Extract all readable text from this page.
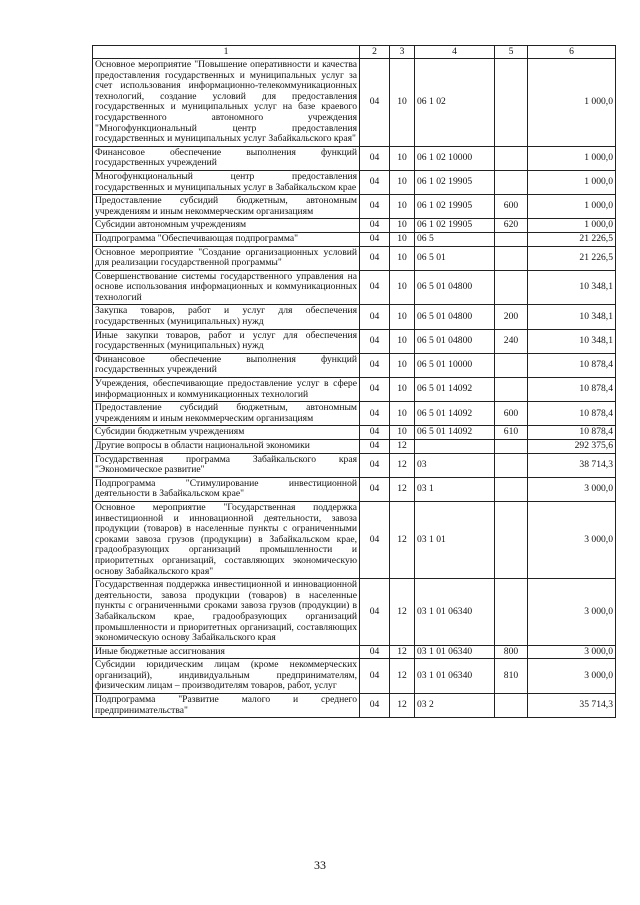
1	2	3	4	5	6
Основное мероприятие "Повышение оперативности и качества предоставления государственных и муниципальных услуг за счет использования информационно-телекоммуникационных технологий, создание условий для предоставления государственных и муниципальных услуг на базе краевого государственного автономного учреждения "Многофункциональный центр предоставления государственных и муниципальных услуг Забайкальского края"	04	10	06 1 02		1 000,0
Финансовое обеспечение выполнения функций государственных учреждений	04	10	06 1 02 10000		1 000,0
Многофункциональный центр предоставления государственных и муниципальных услуг в Забайкальском крае	04	10	06 1 02 19905		1 000,0
Предоставление субсидий бюджетным, автономным учреждениям и иным некоммерческим организациям	04	10	06 1 02 19905	600	1 000,0
Субсидии автономным учреждениям	04	10	06 1 02 19905	620	1 000,0
Подпрограмма "Обеспечивающая подпрограмма"	04	10	06 5		21 226,5
Основное мероприятие "Создание организационных условий для реализации государственной программы"	04	10	06 5 01		21 226,5
Совершенствование системы государственного управления на основе использования информационных и коммуникационных технологий	04	10	06 5 01 04800		10 348,1
Закупка товаров, работ и услуг для обеспечения государственных (муниципальных) нужд	04	10	06 5 01 04800	200	10 348,1
Иные закупки товаров, работ и услуг для обеспечения государственных (муниципальных) нужд	04	10	06 5 01 04800	240	10 348,1
Финансовое обеспечение выполнения функций государственных учреждений	04	10	06 5 01 10000		10 878,4
Учреждения, обеспечивающие предоставление услуг в сфере информационных и коммуникационных технологий	04	10	06 5 01 14092		10 878,4
Предоставление субсидий бюджетным, автономным учреждениям и иным некоммерческим организациям	04	10	06 5 01 14092	600	10 878,4
Субсидии бюджетным учреждениям	04	10	06 5 01 14092	610	10 878,4
Другие вопросы в области национальной экономики	04	12			292 375,6
Государственная программа Забайкальского края "Экономическое развитие"	04	12	03		38 714,3
Подпрограмма "Стимулирование инвестиционной деятельности в Забайкальском крае"	04	12	03 1		3 000,0
Основное мероприятие "Государственная поддержка инвестиционной и инновационной деятельности, завоза продукции (товаров) в населенные пункты с ограниченными сроками завоза грузов (продукции) в Забайкальском крае, градообразующих организаций промышленности и приоритетных организаций, составляющих экономическую основу Забайкальского края"	04	12	03 1 01		3 000,0
Государственная поддержка инвестиционной и инновационной деятельности, завоза продукции (товаров) в населенные пункты с ограниченными сроками завоза грузов (продукции) в Забайкальском крае, градообразующих организаций промышленности и приоритетных организаций, составляющих экономическую основу Забайкальского края	04	12	03 1 01 06340		3 000,0
Иные бюджетные ассигнования	04	12	03 1 01 06340	800	3 000,0
Субсидии юридическим лицам (кроме некоммерческих организаций), индивидуальным предпринимателям, физическим лицам – производителям товаров, работ, услуг	04	12	03 1 01 06340	810	3 000,0
Подпрограмма "Развитие малого и среднего предпринимательства"	04	12	03 2		35 714,3
33
